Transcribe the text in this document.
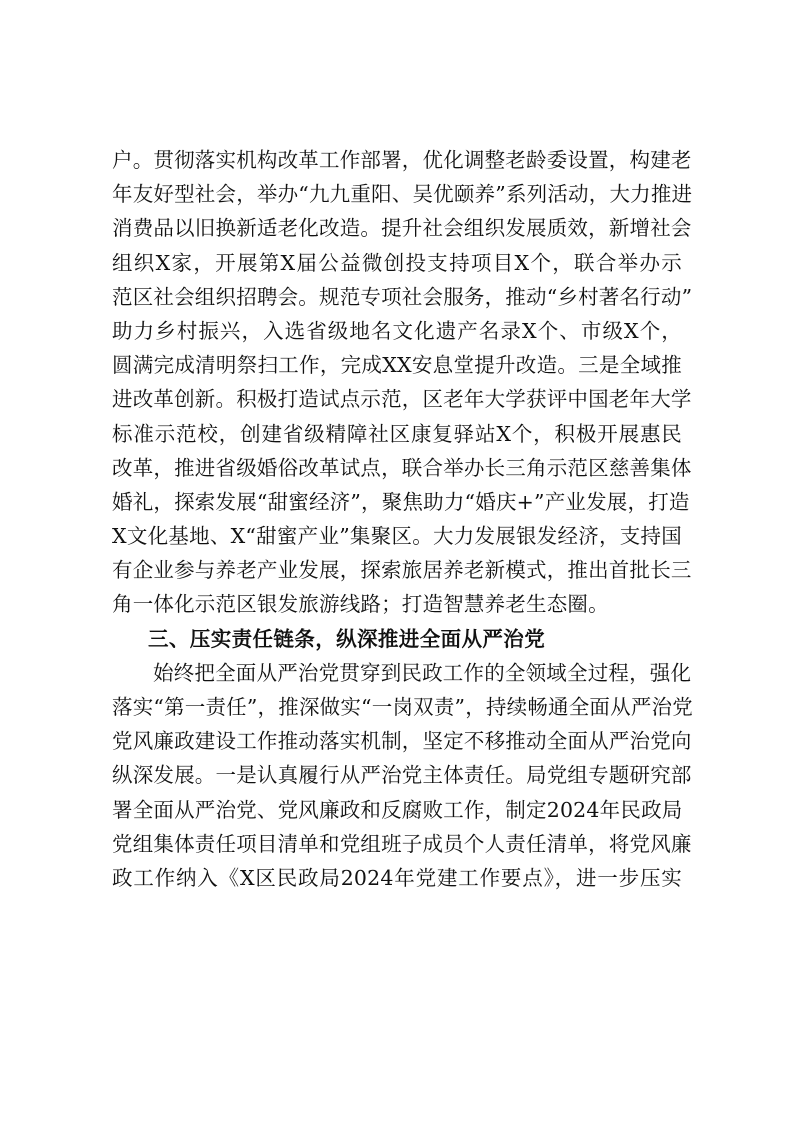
户。贯彻落实机构改革工作部署，优化调整老龄委设置，构建老
年友好型社会，举办“九九重阳、吴优颐养”系列活动，大力推进
消费品以旧换新适老化改造。提升社会组织发展质效，新增社会
组织X家，开展第X届公益微创投支持项目X个，联合举办示
范区社会组织招聘会。规范专项社会服务，推动“乡村著名行动”
助力乡村振兴，入选省级地名文化遗产名录X个、市级X个，
圆满完成清明祭扫工作，完成XX安息堂提升改造。三是全域推
进改革创新。积极打造试点示范，区老年大学获评中国老年大学
标准示范校，创建省级精障社区康复驿站X个，积极开展惠民
改革，推进省级婚俗改革试点，联合举办长三角示范区慈善集体
婚礼，探索发展“甜蜜经济”，聚焦助力“婚庆+”产业发展，打造
X文化基地、X“甜蜜产业”集聚区。大力发展银发经济，支持国
有企业参与养老产业发展，探索旅居养老新模式，推出首批长三
角一体化示范区银发旅游线路；打造智慧养老生态圈。
三、压实责任链条，纵深推进全面从严治党
始终把全面从严治党贯穿到民政工作的全领域全过程，强化
落实“第一责任”，推深做实“一岗双责”，持续畅通全面从严治党
党风廉政建设工作推动落实机制，坚定不移推动全面从严治党向
纵深发展。一是认真履行从严治党主体责任。局党组专题研究部
署全面从严治党、党风廉政和反腐败工作，制定2024年民政局
党组集体责任项目清单和党组班子成员个人责任清单，将党风廉
政工作纳入《X区民政局2024年党建工作要点》，进一步压实
